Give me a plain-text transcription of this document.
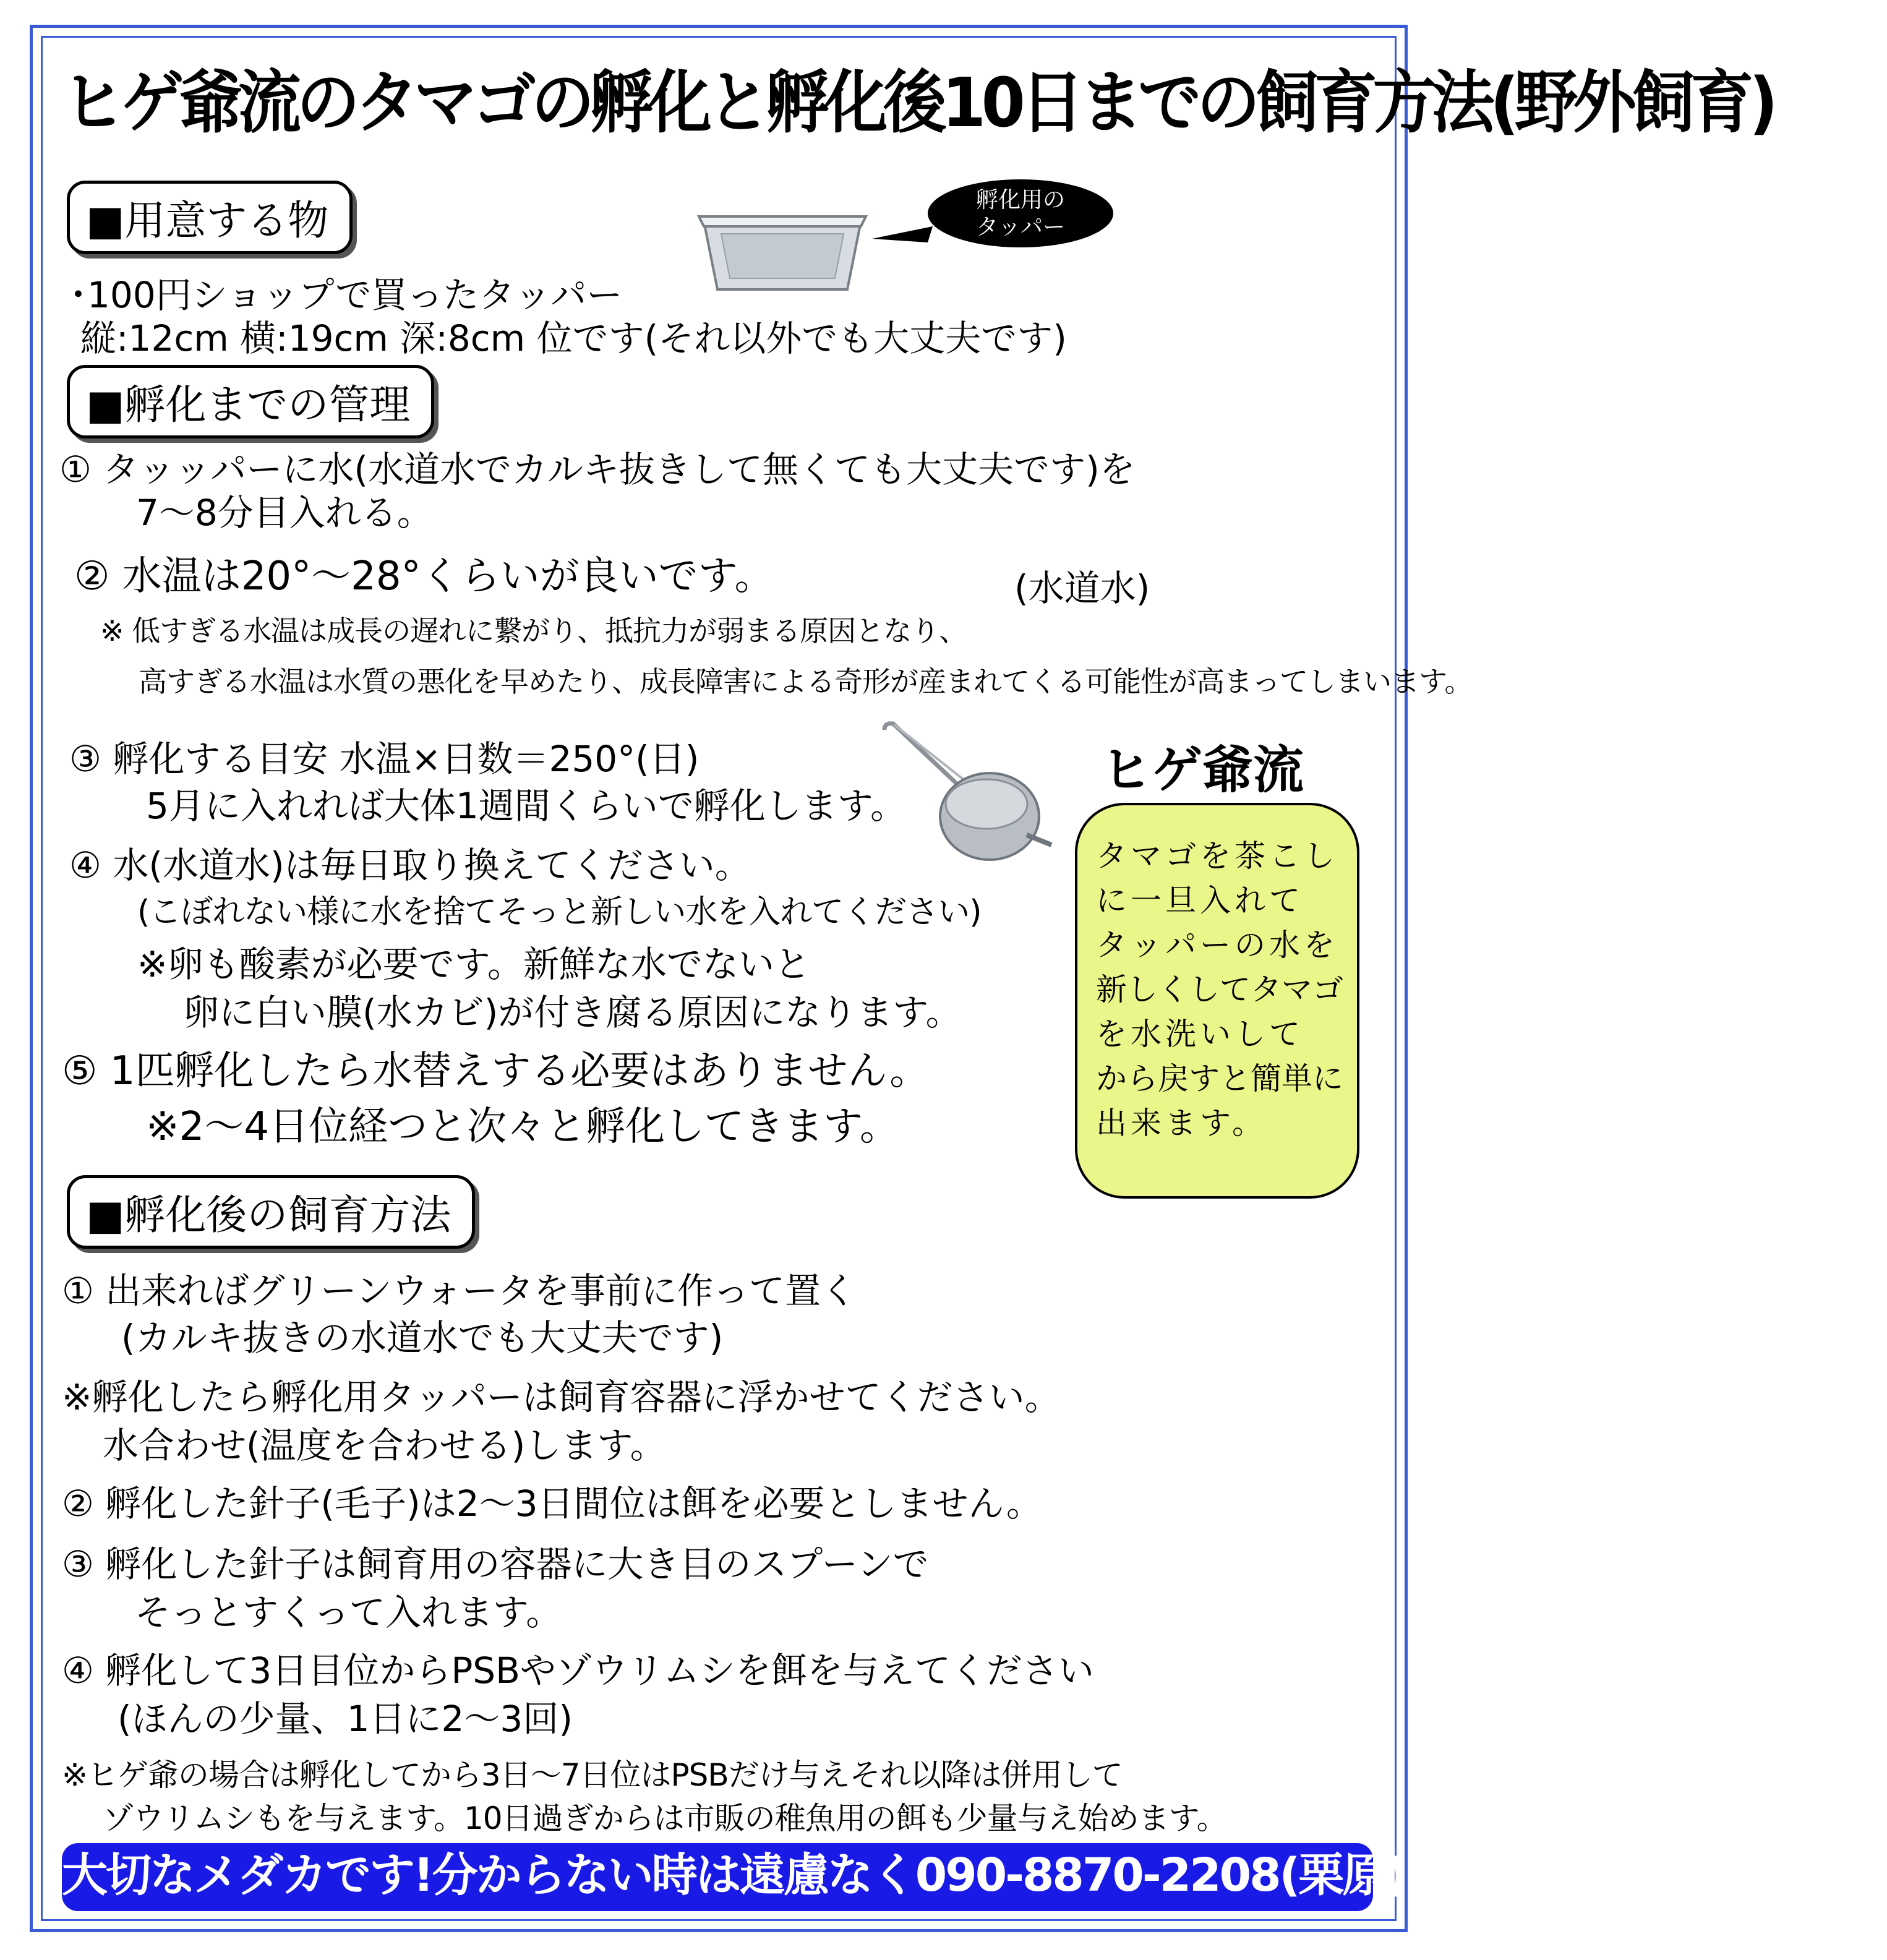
ヒゲ爺流のタマゴの孵化と孵化後10日までの飼育方法(野外飼育)
■用意する物	孵化用の
タッパー
･100円ショップで買ったタッパー
縦:12cm 横:19cm 深:8cm 位です(それ以外でも大丈夫です)
■孵化までの管理
① タッッパーに水(水道水でカルキ抜きして無くても大丈夫です)を
7～8分目入れる。
② 水温は20°～28°くらいが良いです。	(水道水)
※ 低すぎる水温は成長の遅れに繋がり、抵抗力が弱まる原因となり、
高すぎる水温は水質の悪化を早めたり、成長障害による奇形が産まれてくる可能性が高まってしまいます。
③ 孵化する目安 水温×日数＝250°(日)
5月に入れれば大体1週間くらいで孵化します。
ヒゲ爺流
④ 水(水道水)は毎日取り換えてください。
(こぼれない様に水を捨てそっと新しい水を入れてください)
※卵も酸素が必要です。新鮮な水でないと
卵に白い膜(水カビ)が付き腐る原因になります。
⑤ 1匹孵化したら水替えする必要はありません。
※2～4日位経つと次々と孵化してきます。
タマゴを茶こし
に一旦入れて
タッパーの水を
新しくしてタマゴ
を水洗いして
から戻すと簡単に
出来ます。
■孵化後の飼育方法
① 出来ればグリーンウォータを事前に作って置く
(カルキ抜きの水道水でも大丈夫です)
※孵化したら孵化用タッパーは飼育容器に浮かせてください。
水合わせ(温度を合わせる)します。
② 孵化した針子(毛子)は2～3日間位は餌を必要としません。
③ 孵化した針子は飼育用の容器に大き目のスプーンで
そっとすくって入れます。
④ 孵化して3日目位からPSBやゾウリムシを餌を与えてください
(ほんの少量、1日に2～3回)
※ヒゲ爺の場合は孵化してから3日～7日位はPSBだけ与えそれ以降は併用して
ゾウリムシもを与えます。10日過ぎからは市販の稚魚用の餌も少量与え始めます。
大切なメダカです!分からない時は遠慮なく090-8870-2208(栗原)までお知らせください。
